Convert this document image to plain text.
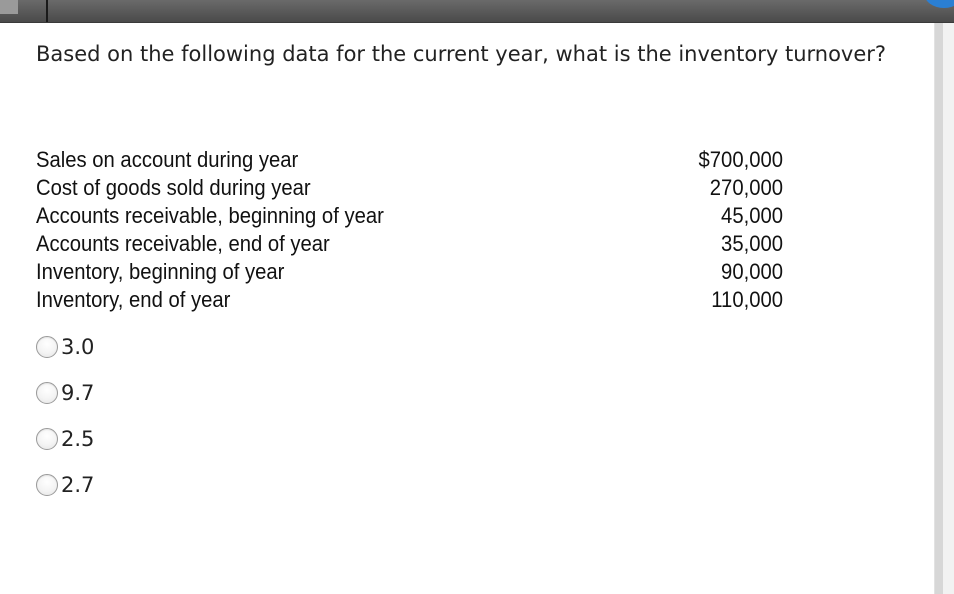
Based on the following data for the current year, what is the inventory turnover?

Sales on account during year	$700,000
Cost of goods sold during year	270,000
Accounts receivable, beginning of year	45,000
Accounts receivable, end of year	35,000
Inventory, beginning of year	90,000
Inventory, end of year	110,000
3.0
9.7
2.5
2.7
